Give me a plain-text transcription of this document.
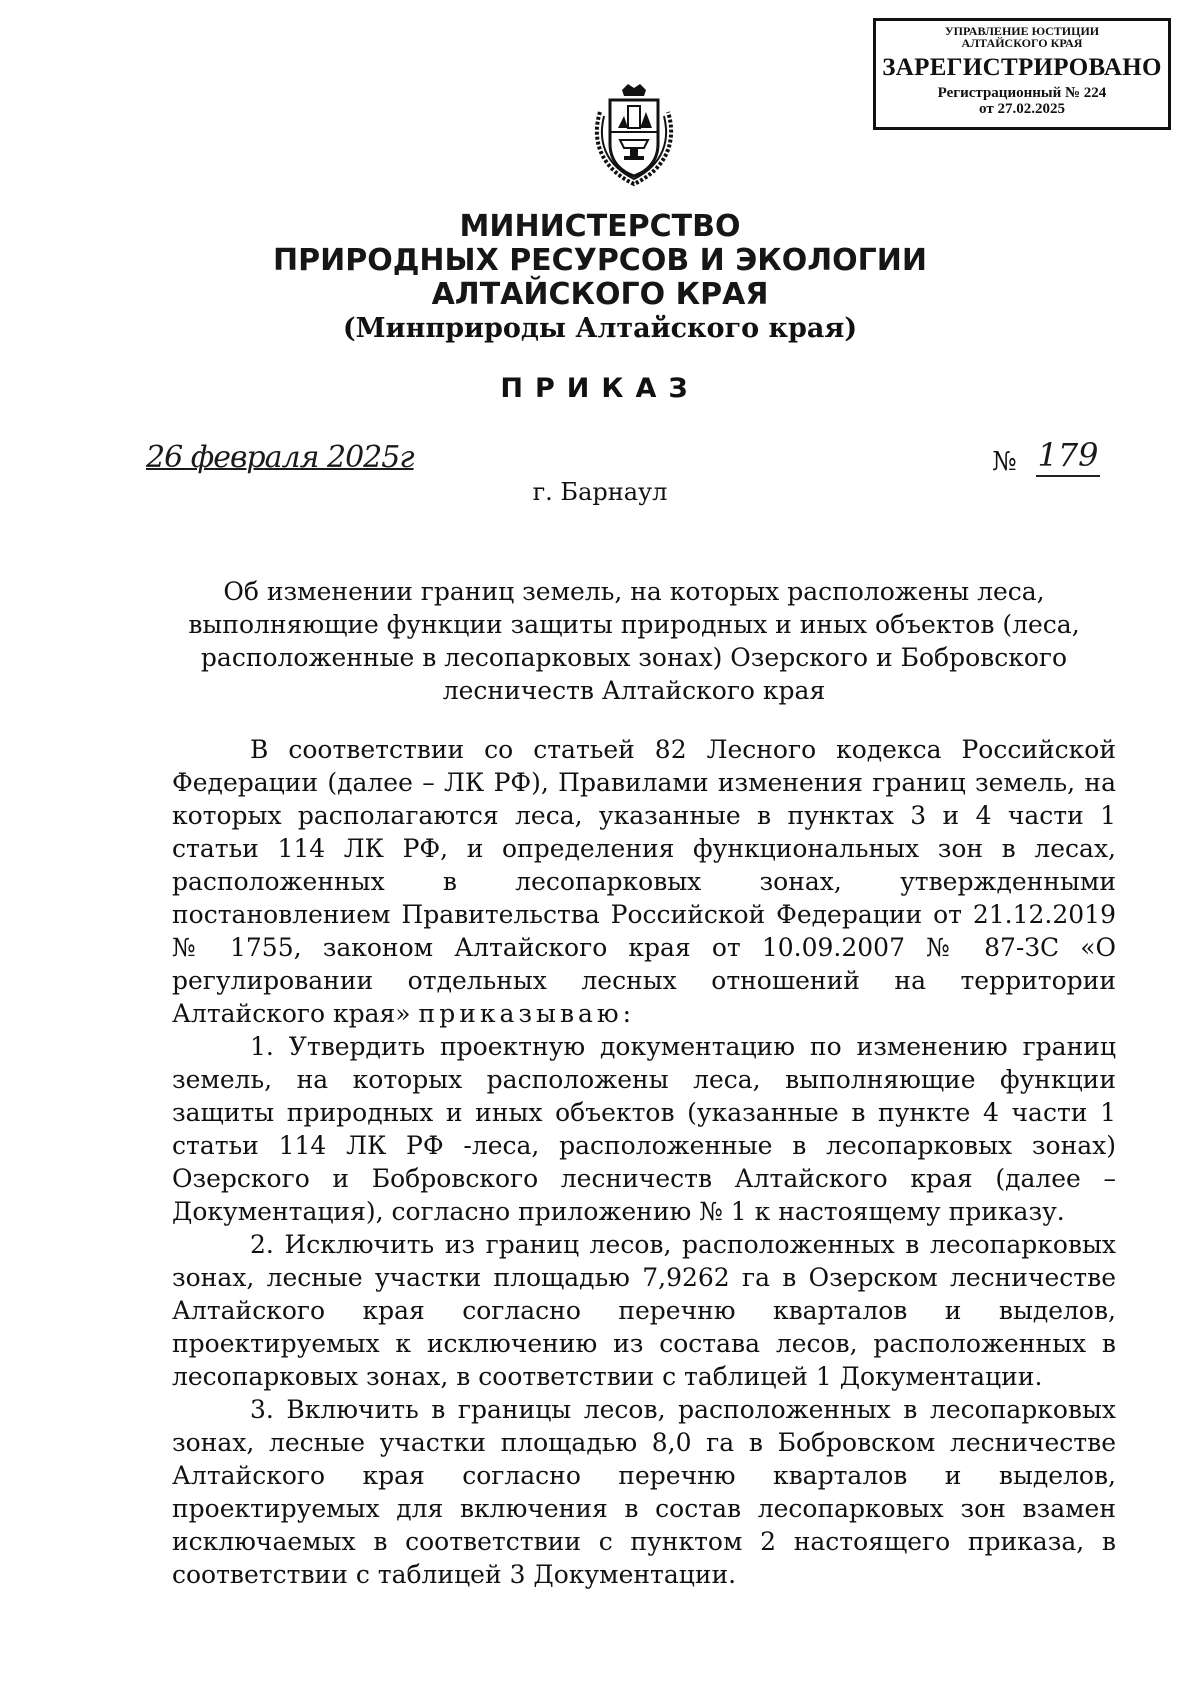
УПРАВЛЕНИЕ ЮСТИЦИИ
АЛТАЙСКОГО КРАЯ
ЗАРЕГИСТРИРОВАНО
Регистрационный № 224
от 27.02.2025
МИНИСТЕРСТВО
ПРИРОДНЫХ РЕСУРСОВ И ЭКОЛОГИИ
АЛТАЙСКОГО КРАЯ
(Минприроды Алтайского края)
ПРИКАЗ
26 февраля 2025г	№ 179
г. Барнаул
Об изменении границ земель, на которых расположены леса, выполняющие функции защиты природных и иных объектов (леса, расположенные в лесопарковых зонах) Озерского и Бобровского лесничеств Алтайского края

В соответствии со статьей 82 Лесного кодекса Российской Федерации (далее – ЛК РФ), Правилами изменения границ земель, на которых располагаются леса, указанные в пунктах 3 и 4 части 1 статьи 114 ЛК РФ, и определения функциональных зон в лесах, расположенных в лесопарковых зонах, утвержденными постановлением Правительства Российской Федерации от 21.12.2019 № 1755, законом Алтайского края от 10.09.2007 № 87-ЗС «О регулировании отдельных лесных отношений на территории Алтайского края» приказываю:

1. Утвердить проектную документацию по изменению границ земель, на которых расположены леса, выполняющие функции защиты природных и иных объектов (указанные в пункте 4 части 1 статьи 114 ЛК РФ -леса, расположенные в лесопарковых зонах) Озерского и Бобровского лесничеств Алтайского края (далее – Документация), согласно приложению № 1 к настоящему приказу.

2. Исключить из границ лесов, расположенных в лесопарковых зонах, лесные участки площадью 7,9262 га в Озерском лесничестве Алтайского края согласно перечню кварталов и выделов, проектируемых к исключению из состава лесов, расположенных в лесопарковых зонах, в соответствии с таблицей 1 Документации.

3. Включить в границы лесов, расположенных в лесопарковых зонах, лесные участки площадью 8,0 га в Бобровском лесничестве Алтайского края согласно перечню кварталов и выделов, проектируемых для включения в состав лесопарковых зон взамен исключаемых в соответствии с пунктом 2 настоящего приказа, в соответствии с таблицей 3 Документации.
